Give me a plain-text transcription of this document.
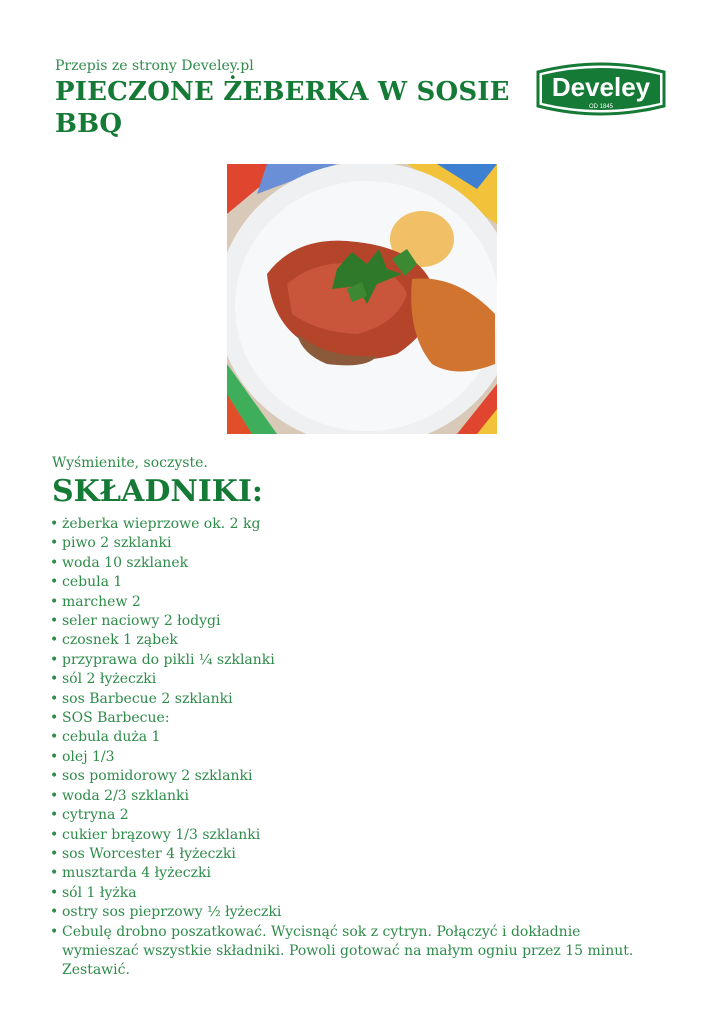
Przepis ze strony Develey.pl

PIECZONE ŻEBERKA W SOSIE BBQ
Develey
OD 1845

Wyśmienite, soczyste.

SKŁADNIKI:
• żeberka wieprzowe ok. 2 kg
• piwo 2 szklanki
• woda 10 szklanek
• cebula 1
• marchew 2
• seler naciowy 2 łodygi
• czosnek 1 ząbek
• przyprawa do pikli ¼ szklanki
• sól 2 łyżeczki
• sos Barbecue 2 szklanki
• SOS Barbecue:
• cebula duża 1
• olej 1/3
• sos pomidorowy 2 szklanki
• woda 2/3 szklanki
• cytryna 2
• cukier brązowy 1/3 szklanki
• sos Worcester 4 łyżeczki
• musztarda 4 łyżeczki
• sól 1 łyżka
• ostry sos pieprzowy ½ łyżeczki
• Cebulę drobno poszatkować. Wycisnąć sok z cytryn. Połączyć i dokładnie wymieszać wszystkie składniki. Powoli gotować na małym ogniu przez 15 minut. Zestawić.
